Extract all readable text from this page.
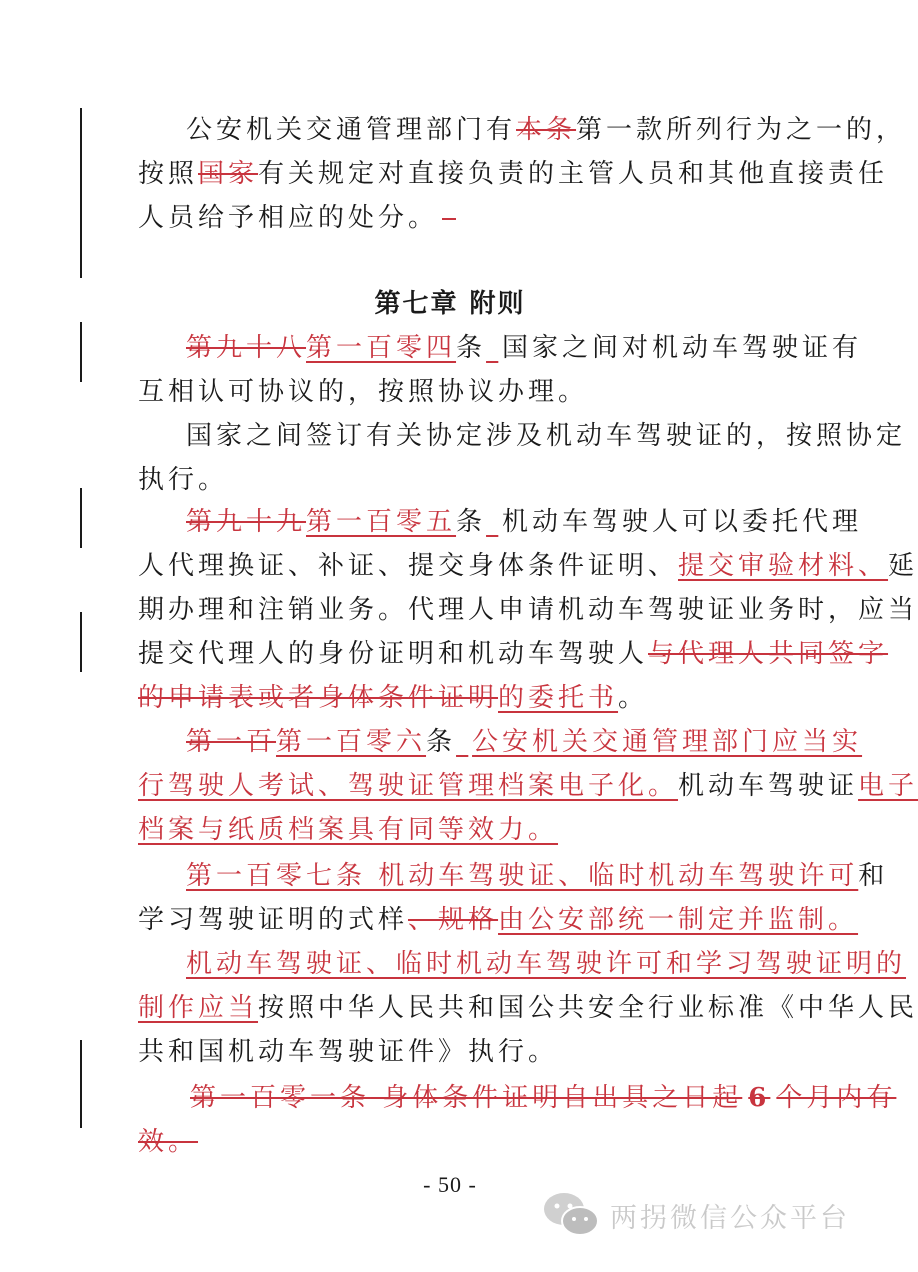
公安机关交通管理部门有本条第一款所列行为之一的，
按照国家有关规定对直接负责的主管人员和其他直接责任
人员给予相应的处分。
第七章 附则
第九十八第一百零四条 国家之间对机动车驾驶证有
互相认可协议的，按照协议办理。
国家之间签订有关协定涉及机动车驾驶证的，按照协定
执行。
第九十九第一百零五条 机动车驾驶人可以委托代理
人代理换证、补证、提交身体条件证明、提交审验材料、延
期办理和注销业务。代理人申请机动车驾驶证业务时，应当
提交代理人的身份证明和机动车驾驶人与代理人共同签字
的申请表或者身体条件证明的委托书。
第一百第一百零六条 公安机关交通管理部门应当实
行驾驶人考试、驾驶证管理档案电子化。机动车驾驶证电子
档案与纸质档案具有同等效力。
第一百零七条 机动车驾驶证、临时机动车驾驶许可和
学习驾驶证明的式样、规格由公安部统一制定并监制。
机动车驾驶证、临时机动车驾驶许可和学习驾驶证明的
制作应当按照中华人民共和国公共安全行业标准《中华人民
共和国机动车驾驶证件》执行。
第一百零一条 身体条件证明自出具之日起 6 个月内有
效。
- 50 -
两拐微信公众平台
